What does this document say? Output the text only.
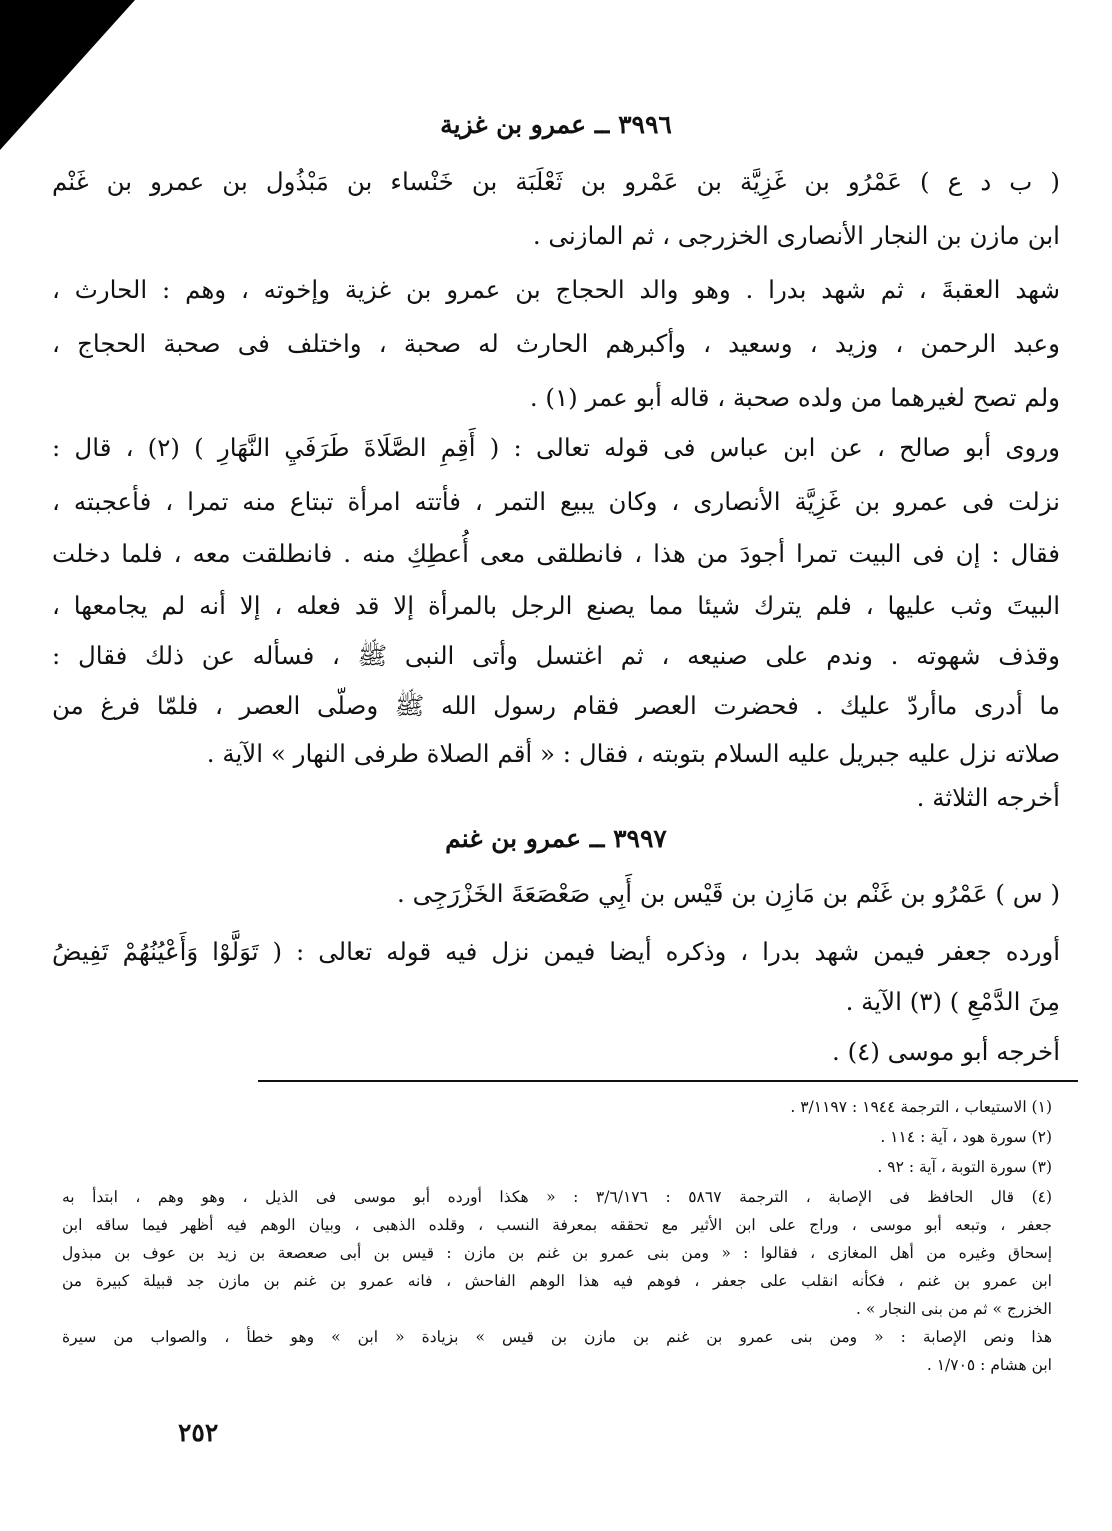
٣٩٩٦ ــ عمرو بن غزية
( ب د ع ) عَمْرُو بن غَزِيَّة بن عَمْرو بن ثَعْلَبَة بن خَنْساء بن مَبْذُول بن عمرو بن غَنْم
ابن مازن بن النجار الأنصارى الخزرجى ، ثم المازنى .
شهد العقبةَ ، ثم شهد بدرا . وهو والد الحجاج بن عمرو بن غزية وإخوته ، وهم : الحارث ،
وعبد الرحمن ، وزيد ، وسعيد ، وأكبرهم الحارث له صحبة ، واختلف فى صحبة الحجاج ،
ولم تصح لغيرهما من ولده صحبة ، قاله أبو عمر (١) .
وروى أبو صالح ، عن ابن عباس فى قوله تعالى : ( أَقِمِ الصَّلَاةَ طَرَفَيِ النَّهَارِ ) (٢) ، قال :
نزلت فى عمرو بن غَزِيَّة الأنصارى ، وكان يبيع التمر ، فأتته امرأة تبتاع منه تمرا ، فأعجبته ،
فقال : إن فى البيت تمرا أجودَ من هذا ، فانطلقى معى أُعطِكِ منه . فانطلقت معه ، فلما دخلت
البيتَ وثب عليها ، فلم يترك شيئا مما يصنع الرجل بالمرأة إلا قد فعله ، إلا أنه لم يجامعها ،
وقذف شهوته . وندم على صنيعه ، ثم اغتسل وأتى النبى ﷺ ، فسأله عن ذلك فقال :
ما أدرى ماأردّ عليك . فحضرت العصر فقام رسول الله ﷺ وصلّى العصر ، فلمّا فرغ من
صلاته نزل عليه جبريل عليه السلام بتوبته ، فقال : « أقم الصلاة طرفى النهار » الآية .
أخرجه الثلاثة .
٣٩٩٧ ــ عمرو بن غنم
( س ) عَمْرُو بن غَنْم بن مَازِن بن قَيْس بن أَبِي صَعْصَعَةَ الخَزْرَجِى .
أورده جعفر فيمن شهد بدرا ، وذكره أيضا فيمن نزل فيه قوله تعالى : ( تَوَلَّوْا وَأَعْيُنُهُمْ تَفِيضُ
مِنَ الدَّمْعِ ) (٣) الآية .
أخرجه أبو موسى (٤) .
(١) الاستيعاب ، الترجمة ١٩٤٤ : ٣/١١٩٧ .
(٢) سورة هود ، آية : ١١٤ .
(٣) سورة التوبة ، آية : ٩٢ .
(٤) قال الحافظ فى الإصابة ، الترجمة ٥٨٦٧ : ٣/٦/١٧٦ : « هكذا أورده أبو موسى فى الذيل ، وهو وهم ، ابتدأ به
جعفر ، وتبعه أبو موسى ، وراج على ابن الأثير مع تحققه بمعرفة النسب ، وقلده الذهبى ، وبيان الوهم فيه أظهر فيما ساقه ابن
إسحاق وغيره من أهل المغازى ، فقالوا : « ومن بنى عمرو بن غنم بن مازن : قيس بن أبى صعصعة بن زيد بن عوف بن مبذول
ابن عمرو بن غنم ، فكأنه انقلب على جعفر ، فوهم فيه هذا الوهم الفاحش ، فانه عمرو بن غنم بن مازن جد قبيلة كبيرة من
الخزرج » ثم من بنى النجار » .
هذا ونص الإصابة : « ومن بنى عمرو بن غنم بن مازن بن قيس » بزيادة « ابن » وهو خطأ ، والصواب من سيرة
ابن هشام : ١/٧٠٥ .
٢٥٢
